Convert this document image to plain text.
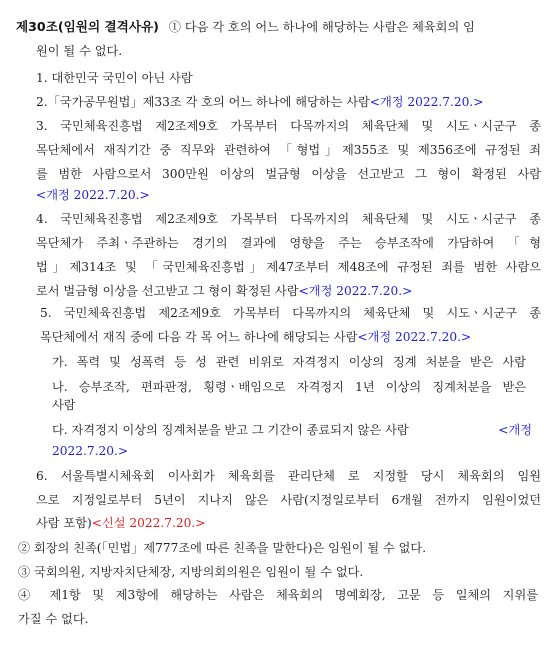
제30조(임원의 결격사유) ① 다음 각 호의 어느 하나에 해당하는 사람은 체육회의 임
원이 될 수 없다.
1. 대한민국 국민이 아닌 사람
2.「국가공무원법」제33조 각 호의 어느 하나에 해당하는 사람<개정 2022.7.20.>
3. 국민체육진흥법 제2조제9호 가목부터 다목까지의 체육단체 및 시도ㆍ시군구 종
목단체에서 재직기간 중 직무와 관련하여 「형법」제355조 및 제356조에 규정된 죄
를 범한 사람으로서 300만원 이상의 벌금형 이상을 선고받고 그 형이 확정된 사람
<개정 2022.7.20.>
4. 국민체육진흥법 제2조제9호 가목부터 다목까지의 체육단체 및 시도ㆍ시군구 종
목단체가 주최ㆍ주관하는 경기의 결과에 영향을 주는 승부조작에 가담하여 「형
법」제314조 및 「국민체육진흥법」제47조부터 제48조에 규정된 죄를 범한 사람으
로서 벌금형 이상을 선고받고 그 형이 확정된 사람<개정 2022.7.20.>
5. 국민체육진흥법 제2조제9호 가목부터 다목까지의 체육단체 및 시도ㆍ시군구 종
목단체에서 재직 중에 다음 각 목 어느 하나에 해당되는 사람<개정 2022.7.20.>
가. 폭력 및 성폭력 등 성 관련 비위로 자격정지 이상의 징계 처분을 받은 사람
나. 승부조작, 편파판정, 횡령ㆍ배임으로 자격정지 1년 이상의 징계처분을 받은
사람
다. 자격정지 이상의 징계처분을 받고 그 기간이 종료되지 않은 사람	<개정
2022.7.20.>
6. 서울특별시체육회 이사회가 체육회를 관리단체 로 지정할 당시 체육회의 임원
으로 지정일로부터 5년이 지나지 않은 사람(지정일로부터 6개월 전까지 임원이었던
사람 포함)<신설 2022.7.20.>
② 회장의 친족(「민법」제777조에 따른 친족을 말한다)은 임원이 될 수 없다.
③ 국회의원, 지방자치단체장, 지방의회의원은 임원이 될 수 없다.
④ 제1항 및 제3항에 해당하는 사람은 체육회의 명예회장, 고문 등 일체의 지위를
가질 수 없다.
